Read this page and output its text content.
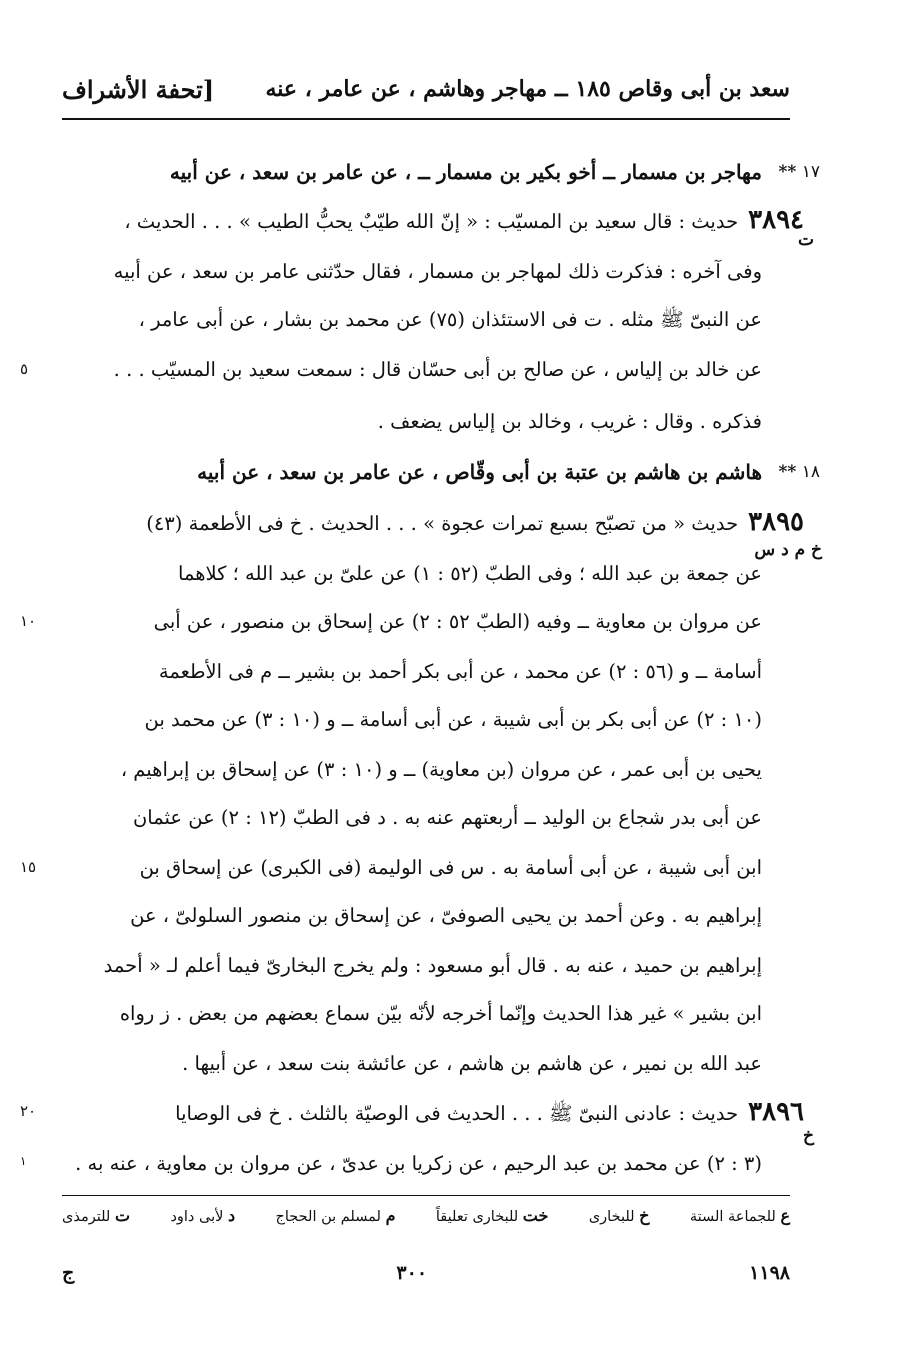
سعد بن أبى وقاص ١٨٥ ــ مهاجر وهاشم ، عن عامر ، عنه
[تحفة الأشراف
١٧ **
مهاجر بن مسمار ــ أخو بكير بن مسمار ــ ، عن عامر بن سعد ، عن أبيه
٣٨٩٤حديث : قال سعيد بن المسيّب : « إنّ الله طيّبٌ يحبُّ الطيب » . . . الحديث ،
ت
وفى آخره : فذكرت ذلك لمهاجر بن مسمار ، فقال حدّثنى عامر بن سعد ، عن أبيه
عن النبىّ ﷺ مثله . ت فى الاستئذان (٧٥) عن محمد بن بشار ، عن أبى عامر ،
عن خالد بن إلياس ، عن صالح بن أبى حسّان قال : سمعت سعيد بن المسيّب . . .
٥
فذكره . وقال : غريب ، وخالد بن إلياس يضعف .
١٨ **
هاشم بن هاشم بن عتبة بن أبى وقّاص ، عن عامر بن سعد ، عن أبيه
٣٨٩٥حديث « من تصبّح بسبع تمرات عجوة » . . . الحديث . خ فى الأطعمة (٤٣)
خ م د س
عن جمعة بن عبد الله ؛ وفى الطبّ (٥٢ : ١) عن علىّ بن عبد الله ؛ كلاهما
عن مروان بن معاوية ــ وفيه (الطبّ ٥٢ : ٢) عن إسحاق بن منصور ، عن أبى
١٠
أسامة ــ و (٥٦ : ٢) عن محمد ، عن أبى بكر أحمد بن بشير ــ م فى الأطعمة
(١٠ : ٢) عن أبى بكر بن أبى شيبة ، عن أبى أسامة ــ و (١٠ : ٣) عن محمد بن
يحيى بن أبى عمر ، عن مروان (بن معاوية) ــ و (١٠ : ٣) عن إسحاق بن إبراهيم ،
عن أبى بدر شجاع بن الوليد ــ أربعتهم عنه به . د فى الطبّ (١٢ : ٢) عن عثمان
ابن أبى شيبة ، عن أبى أسامة به . س فى الوليمة (فى الكبرى) عن إسحاق بن
١٥
إبراهيم به . وعن أحمد بن يحيى الصوفىّ ، عن إسحاق بن منصور السلولىّ ، عن
إبراهيم بن حميد ، عنه به . قال أبو مسعود : ولم يخرج البخارىّ فيما أعلم لـ « أحمد
ابن بشير » غير هذا الحديث وإنّما أخرجه لأنّه بيّن سماع بعضهم من بعض . ز رواه
عبد الله بن نمير ، عن هاشم بن هاشم ، عن عائشة بنت سعد ، عن أبيها .
٣٨٩٦حديث : عادنى النبىّ ﷺ . . . الحديث فى الوصيّة بالثلث . خ فى الوصايا
٢٠
خ
(٣ : ٢) عن محمد بن عبد الرحيم ، عن زكريا بن عدىّ ، عن مروان بن معاوية ، عنه به .
١
ع للجماعة الستة
خ للبخارى
خت للبخارى تعليقاً
م لمسلم بن الحجاج
د لأبى داود
ت للترمذى
١١٩٨
٣٠٠
ج
